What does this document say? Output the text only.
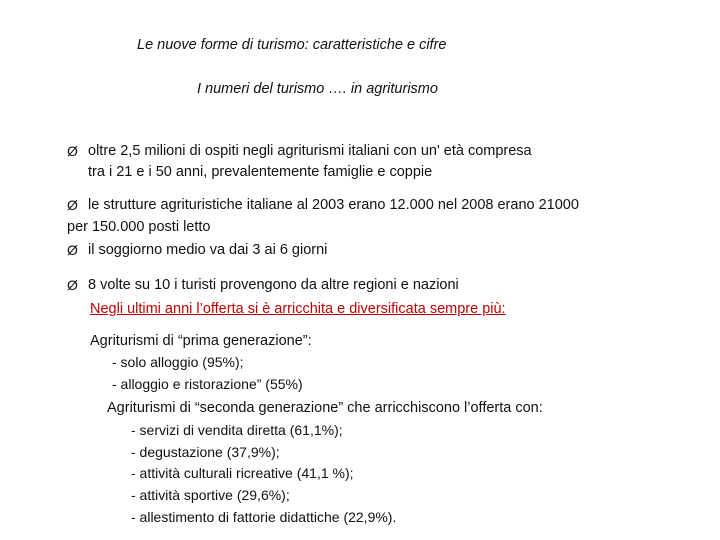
Le nuove forme di turismo: caratteristiche e cifre
I numeri del turismo …. in agriturismo
Ø oltre 2,5 milioni di ospiti negli agriturismi italiani con un' età compresa
tra i 21 e i 50 anni, prevalentemente famiglie e coppie
Ø le strutture agrituristiche italiane al 2003 erano 12.000 nel 2008 erano 21000
per 150.000 posti letto
Ø il soggiorno medio va dai 3 ai 6 giorni
Ø 8 volte su 10 i turisti provengono da altre regioni e nazioni
Negli ultimi anni l’offerta si è arricchita e diversificata sempre più:
Agriturismi di “prima generazione”:
- solo alloggio (95%);
- alloggio e ristorazione” (55%)
Agriturismi di “seconda generazione” che arricchiscono l’offerta con:
- servizi di vendita diretta (61,1%);
- degustazione (37,9%);
- attività culturali ricreative (41,1 %);
- attività sportive (29,6%);
- allestimento di fattorie didattiche (22,9%).
